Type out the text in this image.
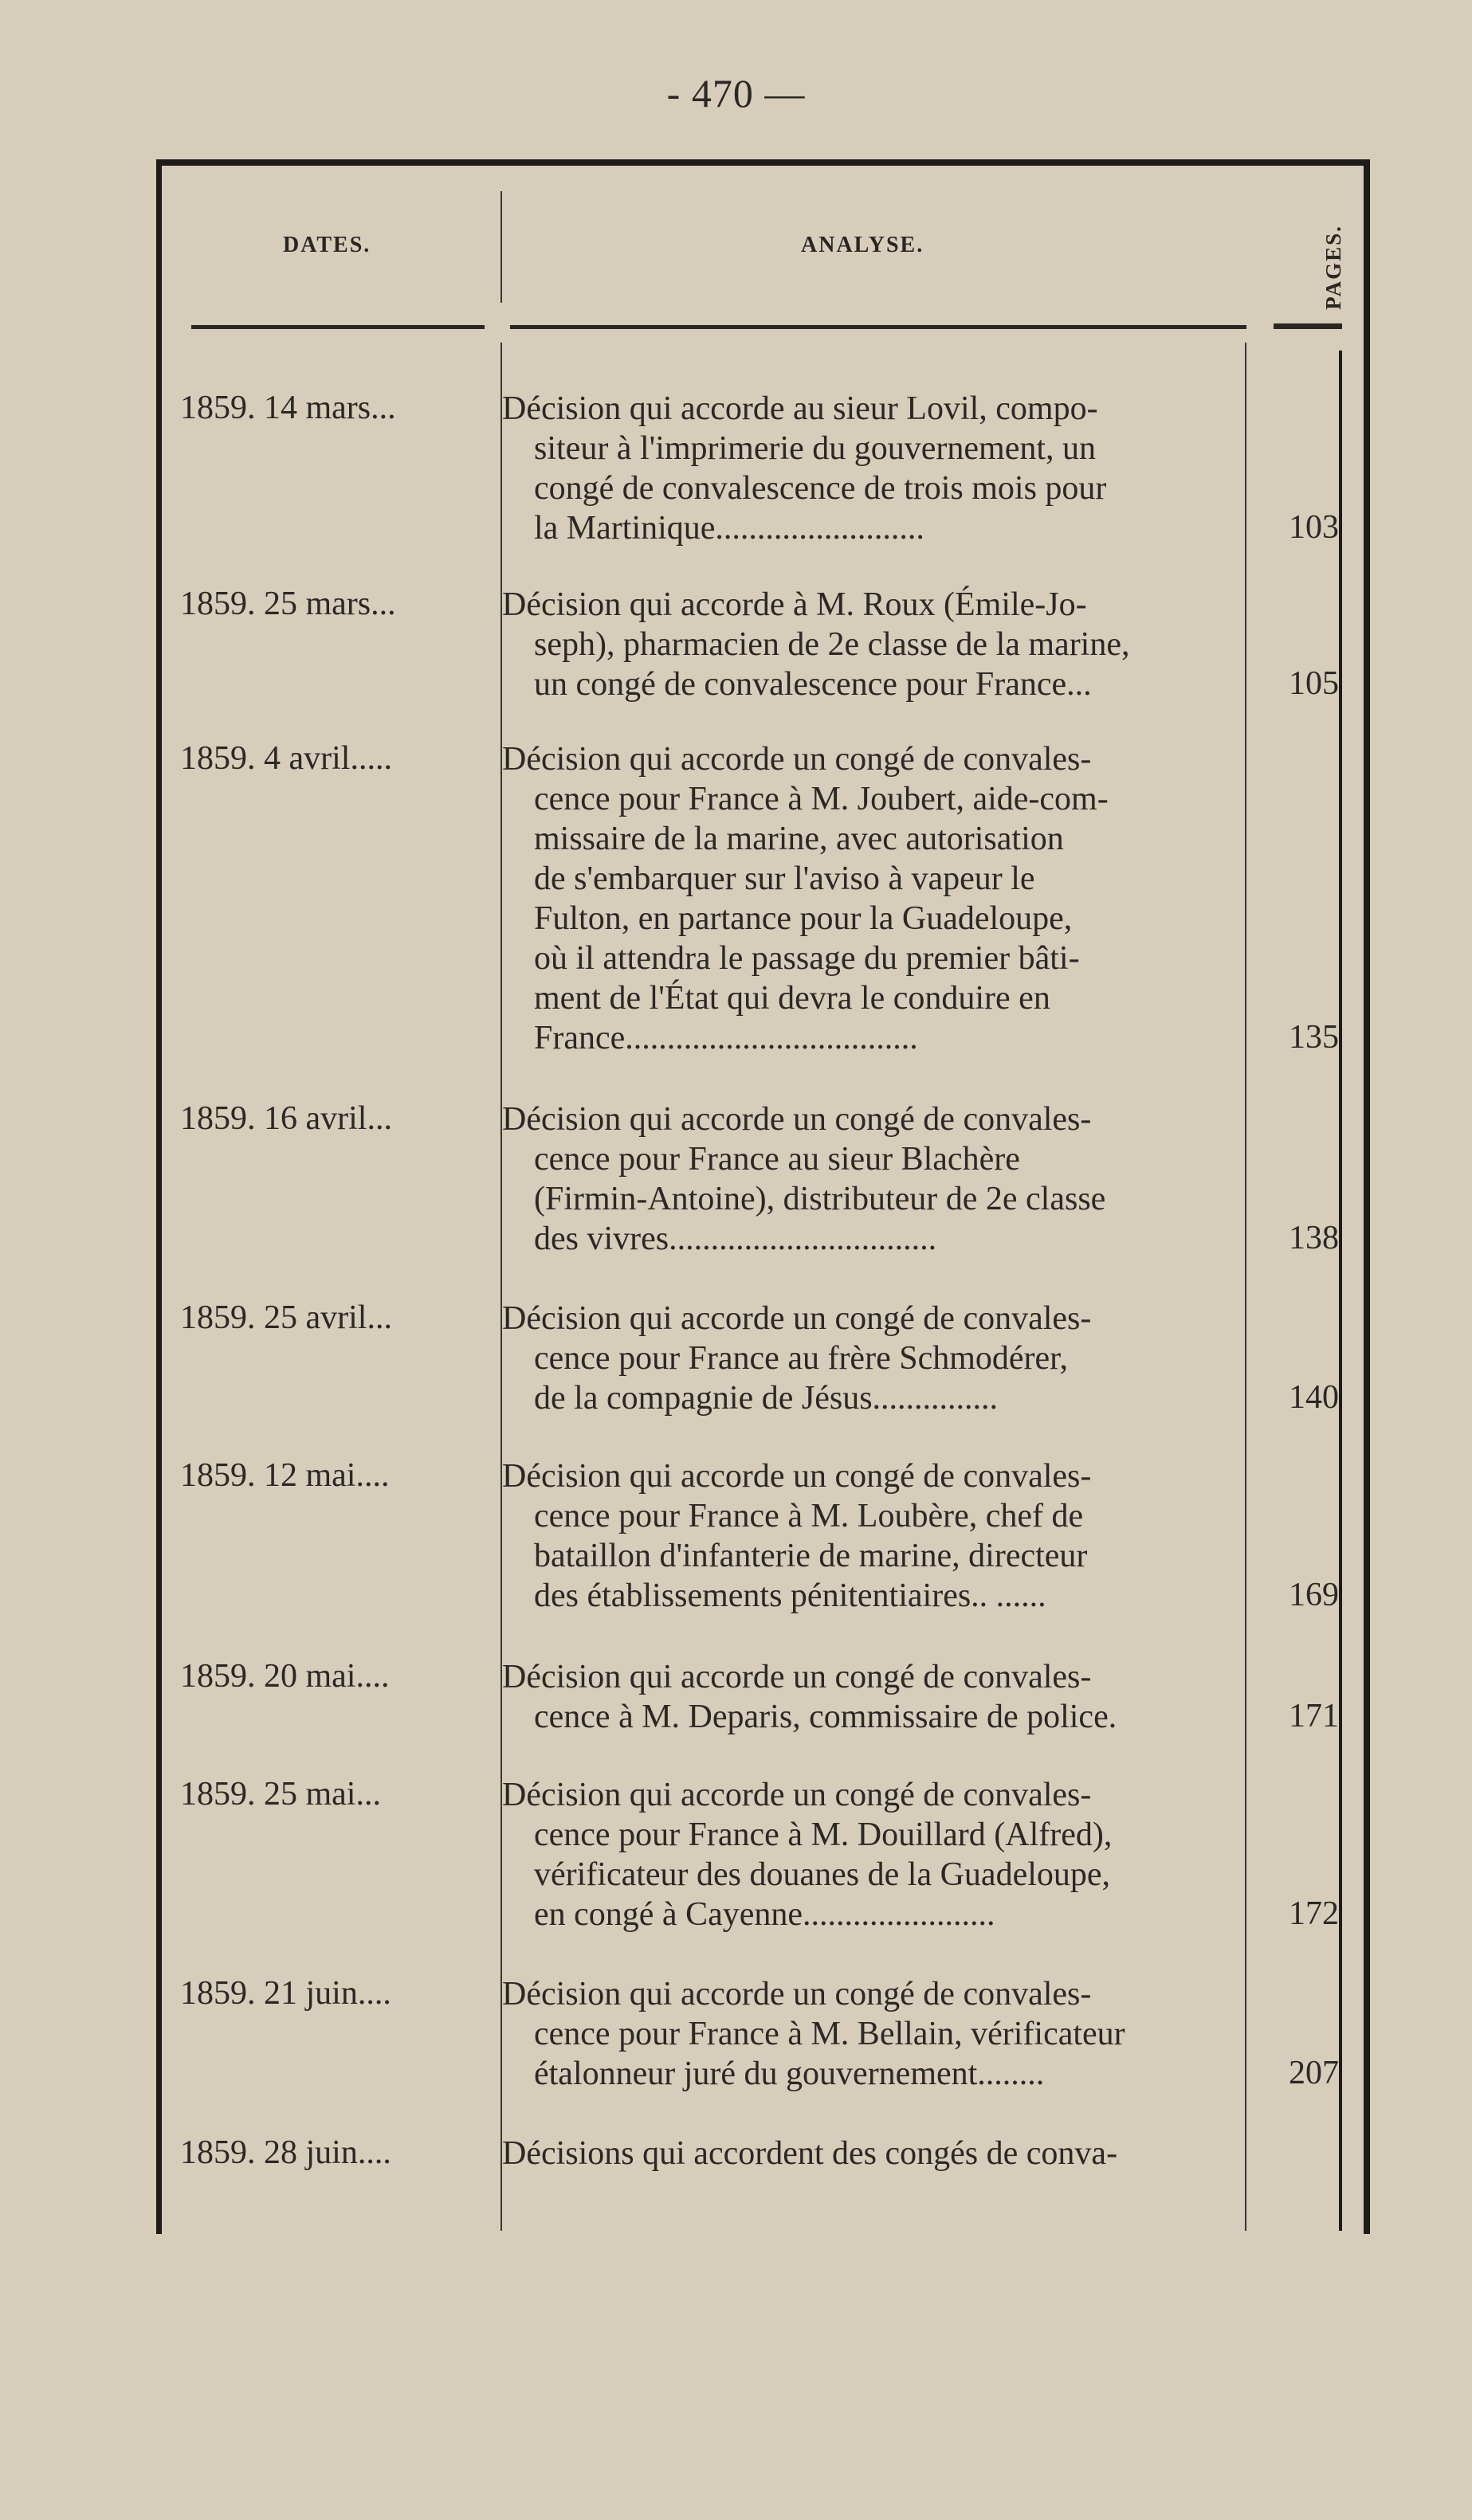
- 470 —
DATES.	ANALYSE.	PAGES.
1859. 14 mars...	Décision qui accorde au sieur Lovil, compo-
siteur à l'imprimerie du gouvernement, un
congé de convalescence de trois mois pour
la Martinique.........................	103
1859. 25 mars...	Décision qui accorde à M. Roux (Émile-Jo-
seph), pharmacien de 2e classe de la marine,
un congé de convalescence pour France...	105
1859. 4 avril.....	Décision qui accorde un congé de convales-
cence pour France à M. Joubert, aide-com-
missaire de la marine, avec autorisation
de s'embarquer sur l'aviso à vapeur le
Fulton, en partance pour la Guadeloupe,
où il attendra le passage du premier bâti-
ment de l'État qui devra le conduire en
France...................................	135
1859. 16 avril...	Décision qui accorde un congé de convales-
cence pour France au sieur Blachère
(Firmin-Antoine), distributeur de 2e classe
des vivres................................	138
1859. 25 avril...	Décision qui accorde un congé de convales-
cence pour France au frère Schmodérer,
de la compagnie de Jésus...............	140
1859. 12 mai....	Décision qui accorde un congé de convales-
cence pour France à M. Loubère, chef de
bataillon d'infanterie de marine, directeur
des établissements pénitentiaires.. ......	169
1859. 20 mai....	Décision qui accorde un congé de convales-
cence à M. Deparis, commissaire de police.	171
1859. 25 mai...	Décision qui accorde un congé de convales-
cence pour France à M. Douillard (Alfred),
vérificateur des douanes de la Guadeloupe,
en congé à Cayenne.......................	172
1859. 21 juin....	Décision qui accorde un congé de convales-
cence pour France à M. Bellain, vérificateur
étalonneur juré du gouvernement........	207
1859. 28 juin....	Décisions qui accordent des congés de conva-
